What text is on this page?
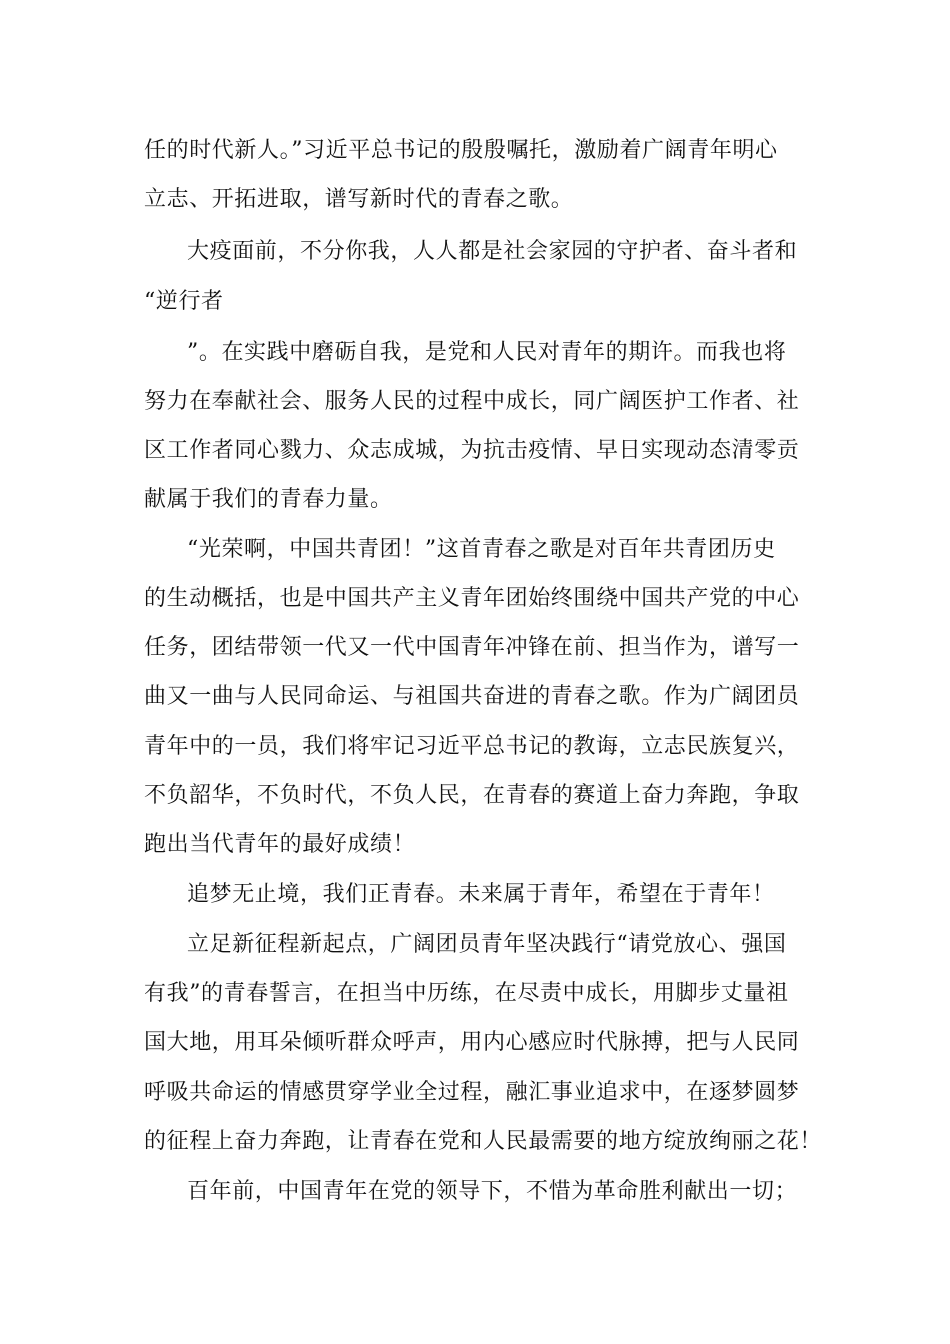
任的时代新人。”习近平总书记的殷殷嘱托，激励着广阔青年明心
立志、开拓进取，谱写新时代的青春之歌。
大疫面前，不分你我，人人都是社会家园的守护者、奋斗者和
“逆行者
”。在实践中磨砺自我，是党和人民对青年的期许。而我也将
努力在奉献社会、服务人民的过程中成长，同广阔医护工作者、社
区工作者同心戮力、众志成城，为抗击疫情、早日实现动态清零贡
献属于我们的青春力量。
“光荣啊，中国共青团！”这首青春之歌是对百年共青团历史
的生动概括，也是中国共产主义青年团始终围绕中国共产党的中心
任务，团结带领一代又一代中国青年冲锋在前、担当作为，谱写一
曲又一曲与人民同命运、与祖国共奋进的青春之歌。作为广阔团员
青年中的一员，我们将牢记习近平总书记的教诲，立志民族复兴，
不负韶华，不负时代，不负人民，在青春的赛道上奋力奔跑，争取
跑出当代青年的最好成绩！
追梦无止境，我们正青春。未来属于青年，希望在于青年！
立足新征程新起点，广阔团员青年坚决践行“请党放心、强国
有我”的青春誓言，在担当中历练，在尽责中成长，用脚步丈量祖
国大地，用耳朵倾听群众呼声，用内心感应时代脉搏，把与人民同
呼吸共命运的情感贯穿学业全过程，融汇事业追求中，在逐梦圆梦
的征程上奋力奔跑，让青春在党和人民最需要的地方绽放绚丽之花！
百年前，中国青年在党的领导下，不惜为革命胜利献出一切；
